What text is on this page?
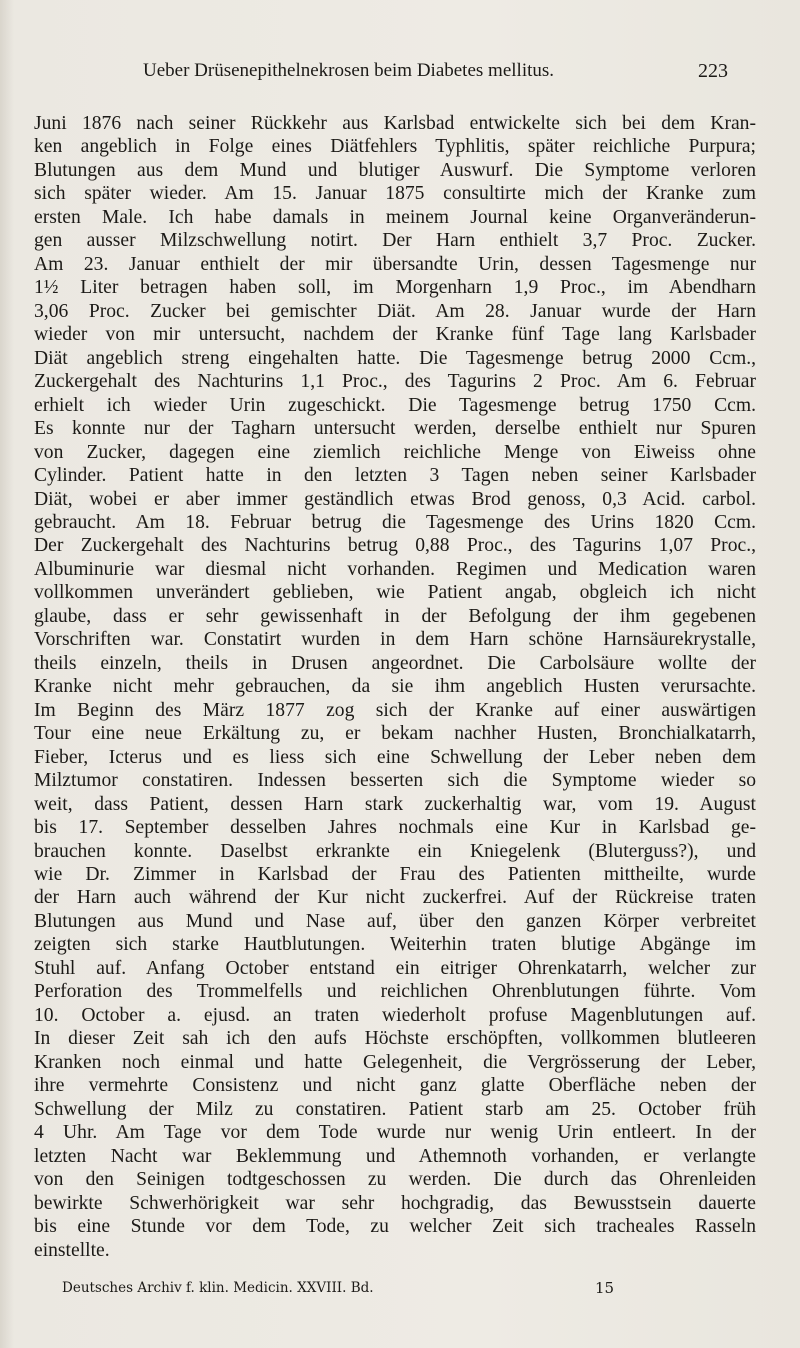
Ueber Drüsenepithelnekrosen beim Diabetes mellitus.	223
Juni 1876 nach seiner Rückkehr aus Karlsbad entwickelte sich bei dem Kran-
ken angeblich in Folge eines Diätfehlers Typhlitis, später reichliche Purpura;
Blutungen aus dem Mund und blutiger Auswurf. Die Symptome verloren
sich später wieder. Am 15. Januar 1875 consultirte mich der Kranke zum
ersten Male. Ich habe damals in meinem Journal keine Organveränderun-
gen ausser Milzschwellung notirt. Der Harn enthielt 3,7 Proc. Zucker.
Am 23. Januar enthielt der mir übersandte Urin, dessen Tagesmenge nur
1½ Liter betragen haben soll, im Morgenharn 1,9 Proc., im Abendharn
3,06 Proc. Zucker bei gemischter Diät. Am 28. Januar wurde der Harn
wieder von mir untersucht, nachdem der Kranke fünf Tage lang Karlsbader
Diät angeblich streng eingehalten hatte. Die Tagesmenge betrug 2000 Ccm.,
Zuckergehalt des Nachturins 1,1 Proc., des Tagurins 2 Proc. Am 6. Februar
erhielt ich wieder Urin zugeschickt. Die Tagesmenge betrug 1750 Ccm.
Es konnte nur der Tagharn untersucht werden, derselbe enthielt nur Spuren
von Zucker, dagegen eine ziemlich reichliche Menge von Eiweiss ohne
Cylinder. Patient hatte in den letzten 3 Tagen neben seiner Karlsbader
Diät, wobei er aber immer geständlich etwas Brod genoss, 0,3 Acid. carbol.
gebraucht. Am 18. Februar betrug die Tagesmenge des Urins 1820 Ccm.
Der Zuckergehalt des Nachturins betrug 0,88 Proc., des Tagurins 1,07 Proc.,
Albuminurie war diesmal nicht vorhanden. Regimen und Medication waren
vollkommen unverändert geblieben, wie Patient angab, obgleich ich nicht
glaube, dass er sehr gewissenhaft in der Befolgung der ihm gegebenen
Vorschriften war. Constatirt wurden in dem Harn schöne Harnsäurekrystalle,
theils einzeln, theils in Drusen angeordnet. Die Carbolsäure wollte der
Kranke nicht mehr gebrauchen, da sie ihm angeblich Husten verursachte.
Im Beginn des März 1877 zog sich der Kranke auf einer auswärtigen
Tour eine neue Erkältung zu, er bekam nachher Husten, Bronchialkatarrh,
Fieber, Icterus und es liess sich eine Schwellung der Leber neben dem
Milztumor constatiren. Indessen besserten sich die Symptome wieder so
weit, dass Patient, dessen Harn stark zuckerhaltig war, vom 19. August
bis 17. September desselben Jahres nochmals eine Kur in Karlsbad ge-
brauchen konnte. Daselbst erkrankte ein Kniegelenk (Bluterguss?), und
wie Dr. Zimmer in Karlsbad der Frau des Patienten mittheilte, wurde
der Harn auch während der Kur nicht zuckerfrei. Auf der Rückreise traten
Blutungen aus Mund und Nase auf, über den ganzen Körper verbreitet
zeigten sich starke Hautblutungen. Weiterhin traten blutige Abgänge im
Stuhl auf. Anfang October entstand ein eitriger Ohrenkatarrh, welcher zur
Perforation des Trommelfells und reichlichen Ohrenblutungen führte. Vom
10. October a. ejusd. an traten wiederholt profuse Magenblutungen auf.
In dieser Zeit sah ich den aufs Höchste erschöpften, vollkommen blutleeren
Kranken noch einmal und hatte Gelegenheit, die Vergrösserung der Leber,
ihre vermehrte Consistenz und nicht ganz glatte Oberfläche neben der
Schwellung der Milz zu constatiren. Patient starb am 25. October früh
4 Uhr. Am Tage vor dem Tode wurde nur wenig Urin entleert. In der
letzten Nacht war Beklemmung und Athemnoth vorhanden, er verlangte
von den Seinigen todtgeschossen zu werden. Die durch das Ohrenleiden
bewirkte Schwerhörigkeit war sehr hochgradig, das Bewusstsein dauerte
bis eine Stunde vor dem Tode, zu welcher Zeit sich tracheales Rasseln
einstellte.
Deutsches Archiv f. klin. Medicin. XXVIII. Bd.	15
